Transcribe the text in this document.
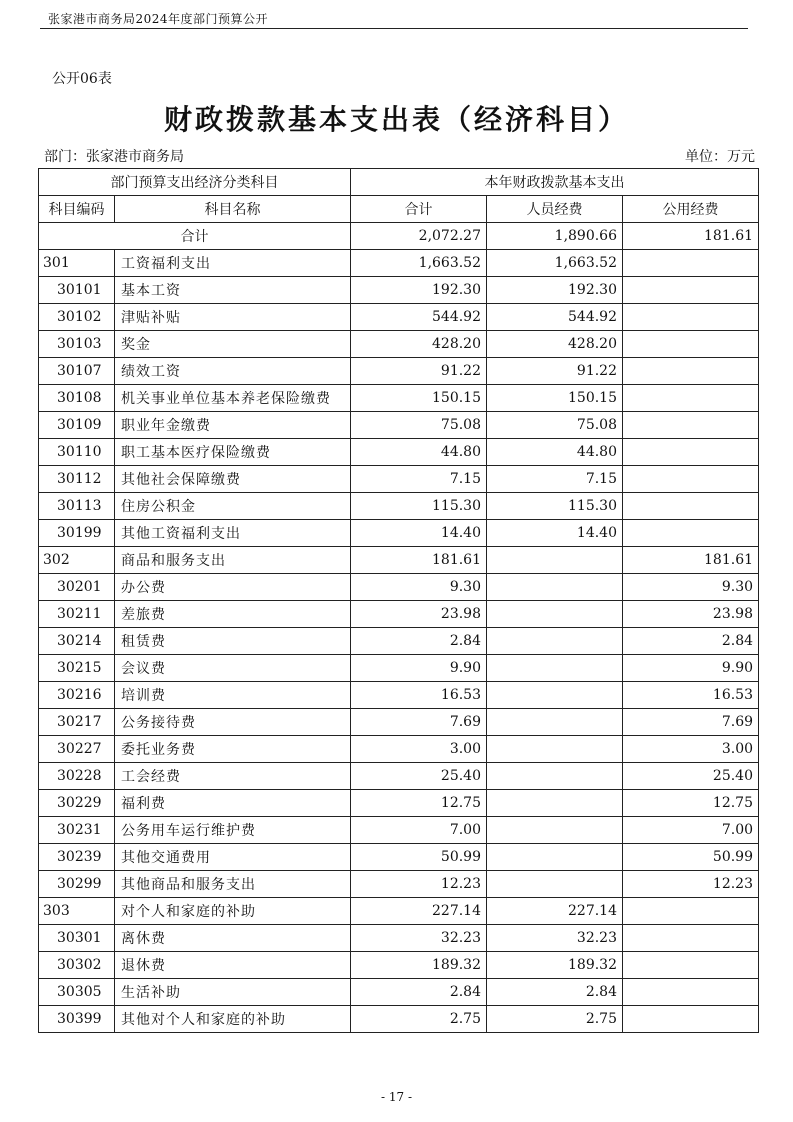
张家港市商务局2024年度部门预算公开
公开06表
财政拨款基本支出表（经济科目）
部门：张家港市商务局	单位：万元
部门预算支出经济分类科目		本年财政拨款基本支出		
科目编码	科目名称	合计	人员经费	公用经费
合计		2,072.27	1,890.66	181.61
301	工资福利支出	1,663.52	1,663.52	
30101	基本工资	192.30	192.30	
30102	津贴补贴	544.92	544.92	
30103	奖金	428.20	428.20	
30107	绩效工资	91.22	91.22	
30108	机关事业单位基本养老保险缴费	150.15	150.15	
30109	职业年金缴费	75.08	75.08	
30110	职工基本医疗保险缴费	44.80	44.80	
30112	其他社会保障缴费	7.15	7.15	
30113	住房公积金	115.30	115.30	
30199	其他工资福利支出	14.40	14.40	
302	商品和服务支出	181.61		181.61
30201	办公费	9.30		9.30
30211	差旅费	23.98		23.98
30214	租赁费	2.84		2.84
30215	会议费	9.90		9.90
30216	培训费	16.53		16.53
30217	公务接待费	7.69		7.69
30227	委托业务费	3.00		3.00
30228	工会经费	25.40		25.40
30229	福利费	12.75		12.75
30231	公务用车运行维护费	7.00		7.00
30239	其他交通费用	50.99		50.99
30299	其他商品和服务支出	12.23		12.23
303	对个人和家庭的补助	227.14	227.14	
30301	离休费	32.23	32.23	
30302	退休费	189.32	189.32	
30305	生活补助	2.84	2.84	
30399	其他对个人和家庭的补助	2.75	2.75	
- 17 -
